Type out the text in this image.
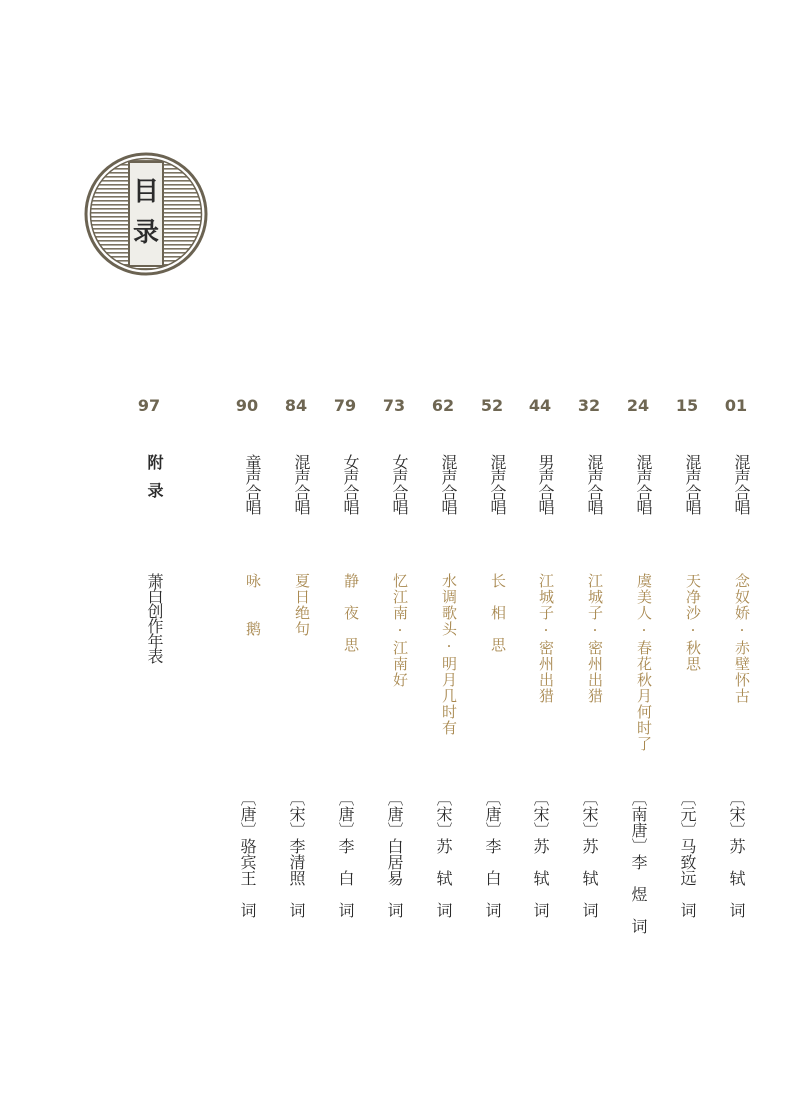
目
录
01
混声合唱
念奴娇·赤壁怀古
〔宋〕苏　轼　词
15
混声合唱
天净沙·秋思
〔元〕马致远　词
24
混声合唱
虞美人·春花秋月何时了
〔南唐〕李　煜　词
32
混声合唱
江城子·密州出猎
〔宋〕苏　轼　词
44
男声合唱
江城子·密州出猎
〔宋〕苏　轼　词
52
混声合唱
长　相　思
〔唐〕李　白　词
62
混声合唱
水调歌头·明月几时有
〔宋〕苏　轼　词
73
女声合唱
忆江南·江南好
〔唐〕白居易　词
79
女声合唱
静　夜　思
〔唐〕李　白　词
84
混声合唱
夏日绝句
〔宋〕李清照　词
90
童声合唱
咏　　鹅
〔唐〕骆宾王　词
97
附录
萧白创作年表
